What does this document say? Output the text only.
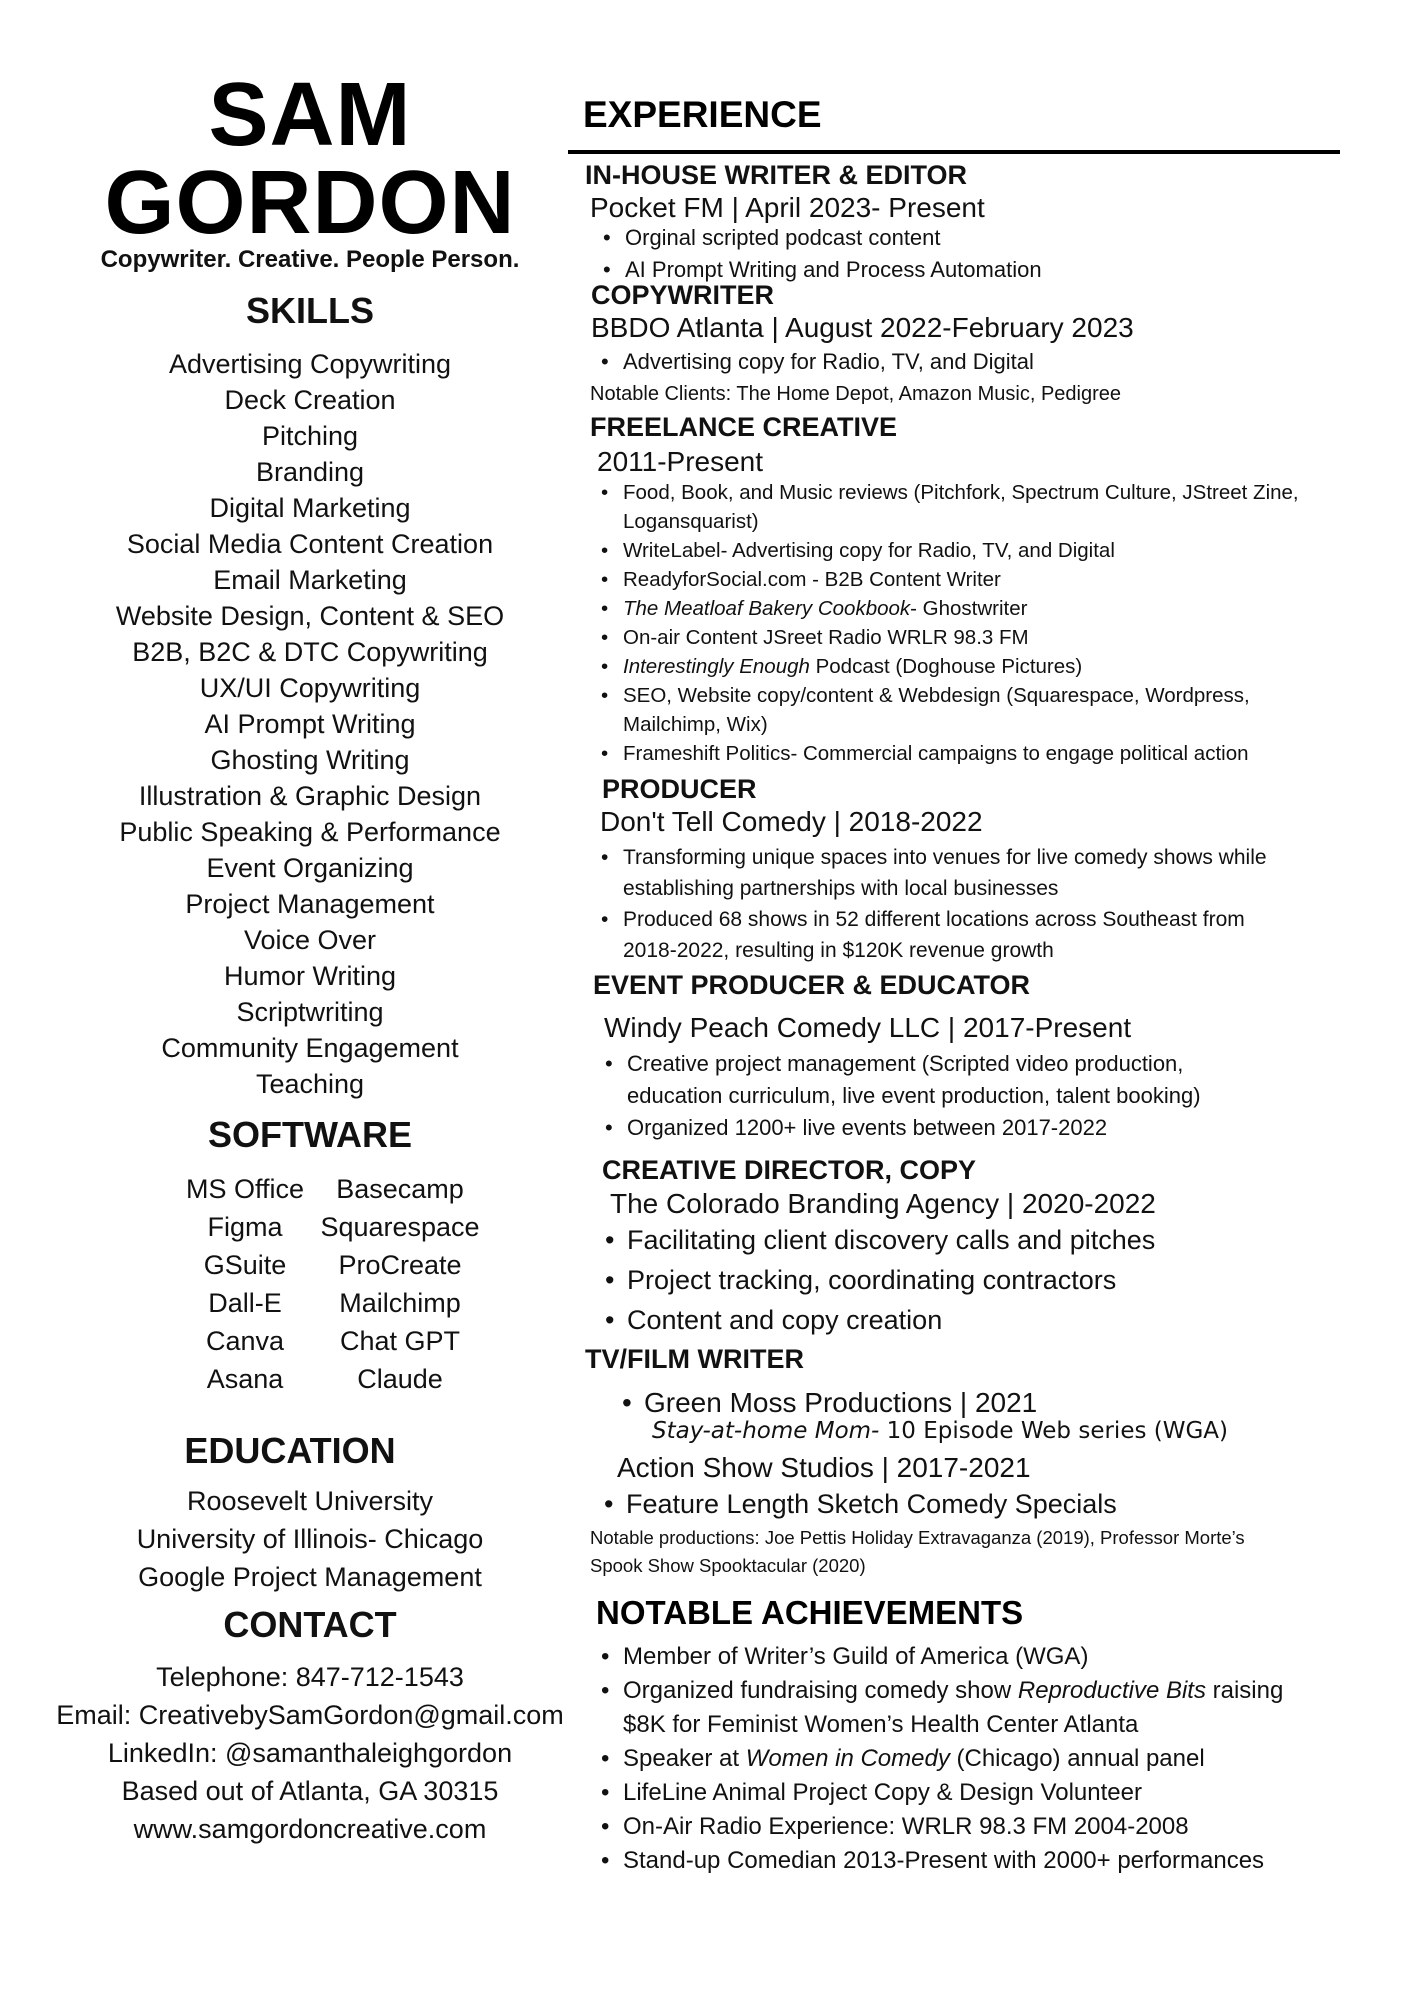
SAM
GORDON
Copywriter. Creative. People Person.
SKILLS
Advertising Copywriting
Deck Creation
Pitching
Branding
Digital Marketing
Social Media Content Creation
Email Marketing
Website Design, Content & SEO
B2B, B2C & DTC Copywriting
UX/UI Copywriting
AI Prompt Writing
Ghosting Writing
Illustration & Graphic Design
Public Speaking & Performance
Event Organizing
Project Management
Voice Over
Humor Writing
Scriptwriting
Community Engagement
Teaching
SOFTWARE
MS Office
Figma
GSuite
Dall-E
Canva
Asana
Basecamp
Squarespace
ProCreate
Mailchimp
Chat GPT
Claude
EDUCATION
Roosevelt University
University of Illinois- Chicago
Google Project Management
CONTACT
Telephone: 847-712-1543
Email: CreativebySamGordon@gmail.com
LinkedIn: @samanthaleighgordon
Based out of Atlanta, GA 30315
www.samgordoncreative.com
EXPERIENCE
IN-HOUSE WRITER & EDITOR
Pocket FM | April 2023- Present
• Orginal scripted podcast content
• AI Prompt Writing and Process Automation
COPYWRITER
BBDO Atlanta | August 2022-February 2023
• Advertising copy for Radio, TV, and Digital
Notable Clients: The Home Depot, Amazon Music, Pedigree
FREELANCE CREATIVE
2011-Present
• Food, Book, and Music reviews (Pitchfork, Spectrum Culture, JStreet Zine,
Logansquarist)
• WriteLabel- Advertising copy for Radio, TV, and Digital
• ReadyforSocial.com - B2B Content Writer
• The Meatloaf Bakery Cookbook- Ghostwriter
• On-air Content JSreet Radio WRLR 98.3 FM
• Interestingly Enough Podcast (Doghouse Pictures)
• SEO, Website copy/content & Webdesign (Squarespace, Wordpress,
Mailchimp, Wix)
• Frameshift Politics- Commercial campaigns to engage political action
PRODUCER
Don't Tell Comedy | 2018-2022
• Transforming unique spaces into venues for live comedy shows while
establishing partnerships with local businesses
• Produced 68 shows in 52 different locations across Southeast from
2018-2022, resulting in $120K revenue growth
EVENT PRODUCER & EDUCATOR
Windy Peach Comedy LLC | 2017-Present
• Creative project management (Scripted video production,
education curriculum, live event production, talent booking)
• Organized 1200+ live events between 2017-2022
CREATIVE DIRECTOR, COPY
The Colorado Branding Agency | 2020-2022
• Facilitating client discovery calls and pitches
• Project tracking, coordinating contractors
• Content and copy creation
TV/FILM WRITER
• Green Moss Productions | 2021
Stay-at-home Mom- 10 Episode Web series (WGA)
Action Show Studios | 2017-2021
• Feature Length Sketch Comedy Specials
Notable productions: Joe Pettis Holiday Extravaganza (2019), Professor Morte’s
Spook Show Spooktacular (2020)
NOTABLE ACHIEVEMENTS
• Member of Writer’s Guild of America (WGA)
• Organized fundraising comedy show Reproductive Bits raising
$8K for Feminist Women’s Health Center Atlanta
• Speaker at Women in Comedy (Chicago) annual panel
• LifeLine Animal Project Copy & Design Volunteer
• On-Air Radio Experience: WRLR 98.3 FM 2004-2008
• Stand-up Comedian 2013-Present with 2000+ performances
